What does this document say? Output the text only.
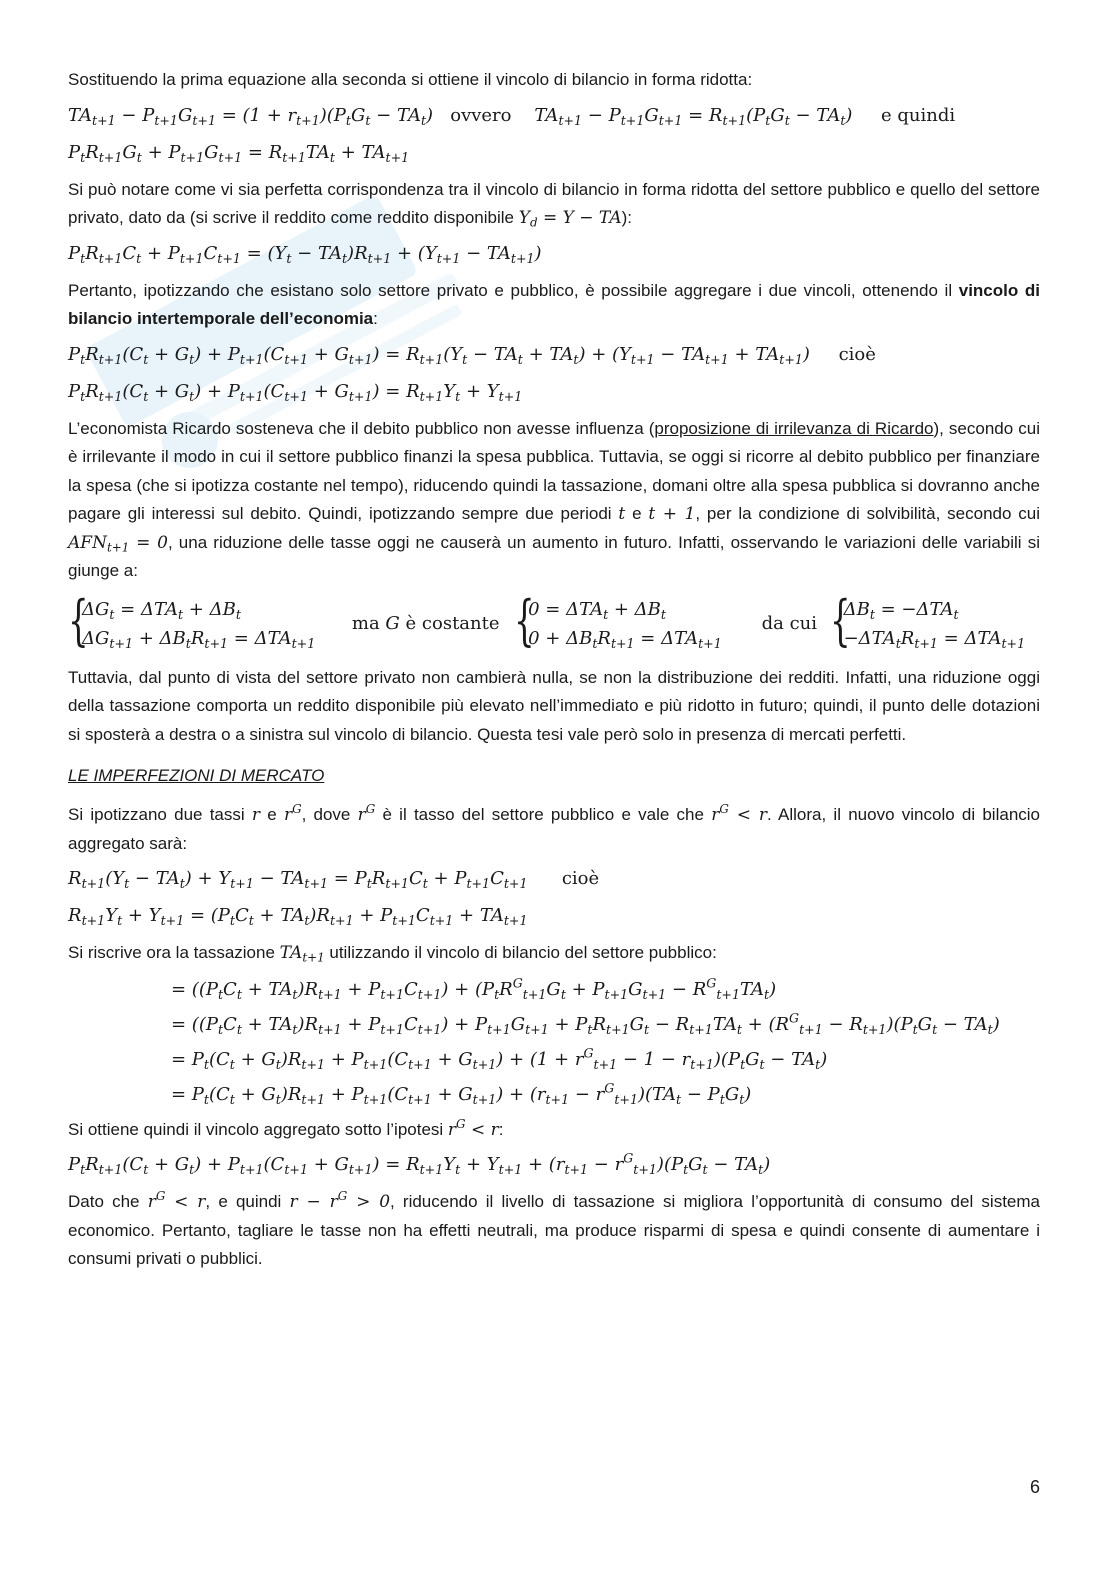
Sostituendo la prima equazione alla seconda si ottiene il vincolo di bilancio in forma ridotta:

$TA_{t+1} - P_{t+1}G_{t+1} = (1 + r_{t+1})(P_tG_t - TA_t)$   ovvero    $TA_{t+1} - P_{t+1}G_{t+1} = R_{t+1}(P_tG_t - TA_t)$     e quindi
$P_tR_{t+1}G_t + P_{t+1}G_{t+1} = R_{t+1}TA_t + TA_{t+1}$

Si può notare come vi sia perfetta corrispondenza tra il vincolo di bilancio in forma ridotta del settore pubblico e quello del settore privato, dato da (si scrive il reddito come reddito disponibile $Y_d = Y - TA$):

$P_tR_{t+1}C_t + P_{t+1}C_{t+1} = (Y_t - TA_t)R_{t+1} + (Y_{t+1} - TA_{t+1})$

Pertanto, ipotizzando che esistano solo settore privato e pubblico, è possibile aggregare i due vincoli, ottenendo il vincolo di bilancio intertemporale dell’economia:

$P_tR_{t+1}(C_t + G_t) + P_{t+1}(C_{t+1} + G_{t+1}) = R_{t+1}(Y_t - TA_t + TA_t) + (Y_{t+1} - TA_{t+1} + TA_{t+1})$     cioè
$P_tR_{t+1}(C_t + G_t) + P_{t+1}(C_{t+1} + G_{t+1}) = R_{t+1}Y_t + Y_{t+1}$

L’economista Ricardo sosteneva che il debito pubblico non avesse influenza (proposizione di irrilevanza di Ricardo), secondo cui è irrilevante il modo in cui il settore pubblico finanzi la spesa pubblica. Tuttavia, se oggi si ricorre al debito pubblico per finanziare la spesa (che si ipotizza costante nel tempo), riducendo quindi la tassazione, domani oltre alla spesa pubblica si dovranno anche pagare gli interessi sul debito. Quindi, ipotizzando sempre due periodi t e t + 1, per la condizione di solvibilità, secondo cui $AFN_{t+1} = 0$, una riduzione delle tasse oggi ne causerà un aumento in futuro. Infatti, osservando le variazioni delle variabili si giunge a:

{
$\Delta G_t = \Delta TA_t + \Delta B_t$
$\Delta G_{t+1} + \Delta B_tR_{t+1} = \Delta TA_{t+1}$
ma G è costante {
$0 = \Delta TA_t + \Delta B_t$
$0 + \Delta B_tR_{t+1} = \Delta TA_{t+1}$
da cui {
$\Delta B_t = -\Delta TA_t$
$-\Delta TA_tR_{t+1} = \Delta TA_{t+1}$

Tuttavia, dal punto di vista del settore privato non cambierà nulla, se non la distribuzione dei redditi. Infatti, una riduzione oggi della tassazione comporta un reddito disponibile più elevato nell’immediato e più ridotto in futuro; quindi, il punto delle dotazioni si sposterà a destra o a sinistra sul vincolo di bilancio. Questa tesi vale però solo in presenza di mercati perfetti.

LE IMPERFEZIONI DI MERCATO

Si ipotizzano due tassi r e $r^G$, dove $r^G$ è il tasso del settore pubblico e vale che $r^G < r$. Allora, il nuovo vincolo di bilancio aggregato sarà:

$R_{t+1}(Y_t - TA_t) + Y_{t+1} - TA_{t+1} = P_tR_{t+1}C_t + P_{t+1}C_{t+1}$ cioè
$R_{t+1}Y_t + Y_{t+1} = (P_tC_t + TA_t)R_{t+1} + P_{t+1}C_{t+1} + TA_{t+1}$

Si riscrive ora la tassazione $TA_{t+1}$ utilizzando il vincolo di bilancio del settore pubblico:

= $((P_tC_t + TA_t)R_{t+1} + P_{t+1}C_{t+1}) + (P_tR^G_{t+1}G_t + P_{t+1}G_{t+1} - R^G_{t+1}TA_t)$
= $((P_tC_t + TA_t)R_{t+1} + P_{t+1}C_{t+1}) + P_{t+1}G_{t+1} + P_tR_{t+1}G_t - R_{t+1}TA_t + (R^G_{t+1} - R_{t+1})(P_tG_t - TA_t)$
= $P_t(C_t + G_t)R_{t+1} + P_{t+1}(C_{t+1} + G_{t+1}) + (1 + r^G_{t+1} - 1 - r_{t+1})(P_tG_t - TA_t)$
= $P_t(C_t + G_t)R_{t+1} + P_{t+1}(C_{t+1} + G_{t+1}) + (r_{t+1} - r^G_{t+1})(TA_t - P_tG_t)$

Si ottiene quindi il vincolo aggregato sotto l’ipotesi $r^G < r$:

$P_tR_{t+1}(C_t + G_t) + P_{t+1}(C_{t+1} + G_{t+1}) = R_{t+1}Y_t + Y_{t+1} + (r_{t+1} - r^G_{t+1})(P_tG_t - TA_t)$

Dato che $r^G < r$, e quindi $r - r^G > 0$, riducendo il livello di tassazione si migliora l’opportunità di consumo del sistema economico. Pertanto, tagliare le tasse non ha effetti neutrali, ma produce risparmi di spesa e quindi consente di aumentare i consumi privati o pubblici.

6
